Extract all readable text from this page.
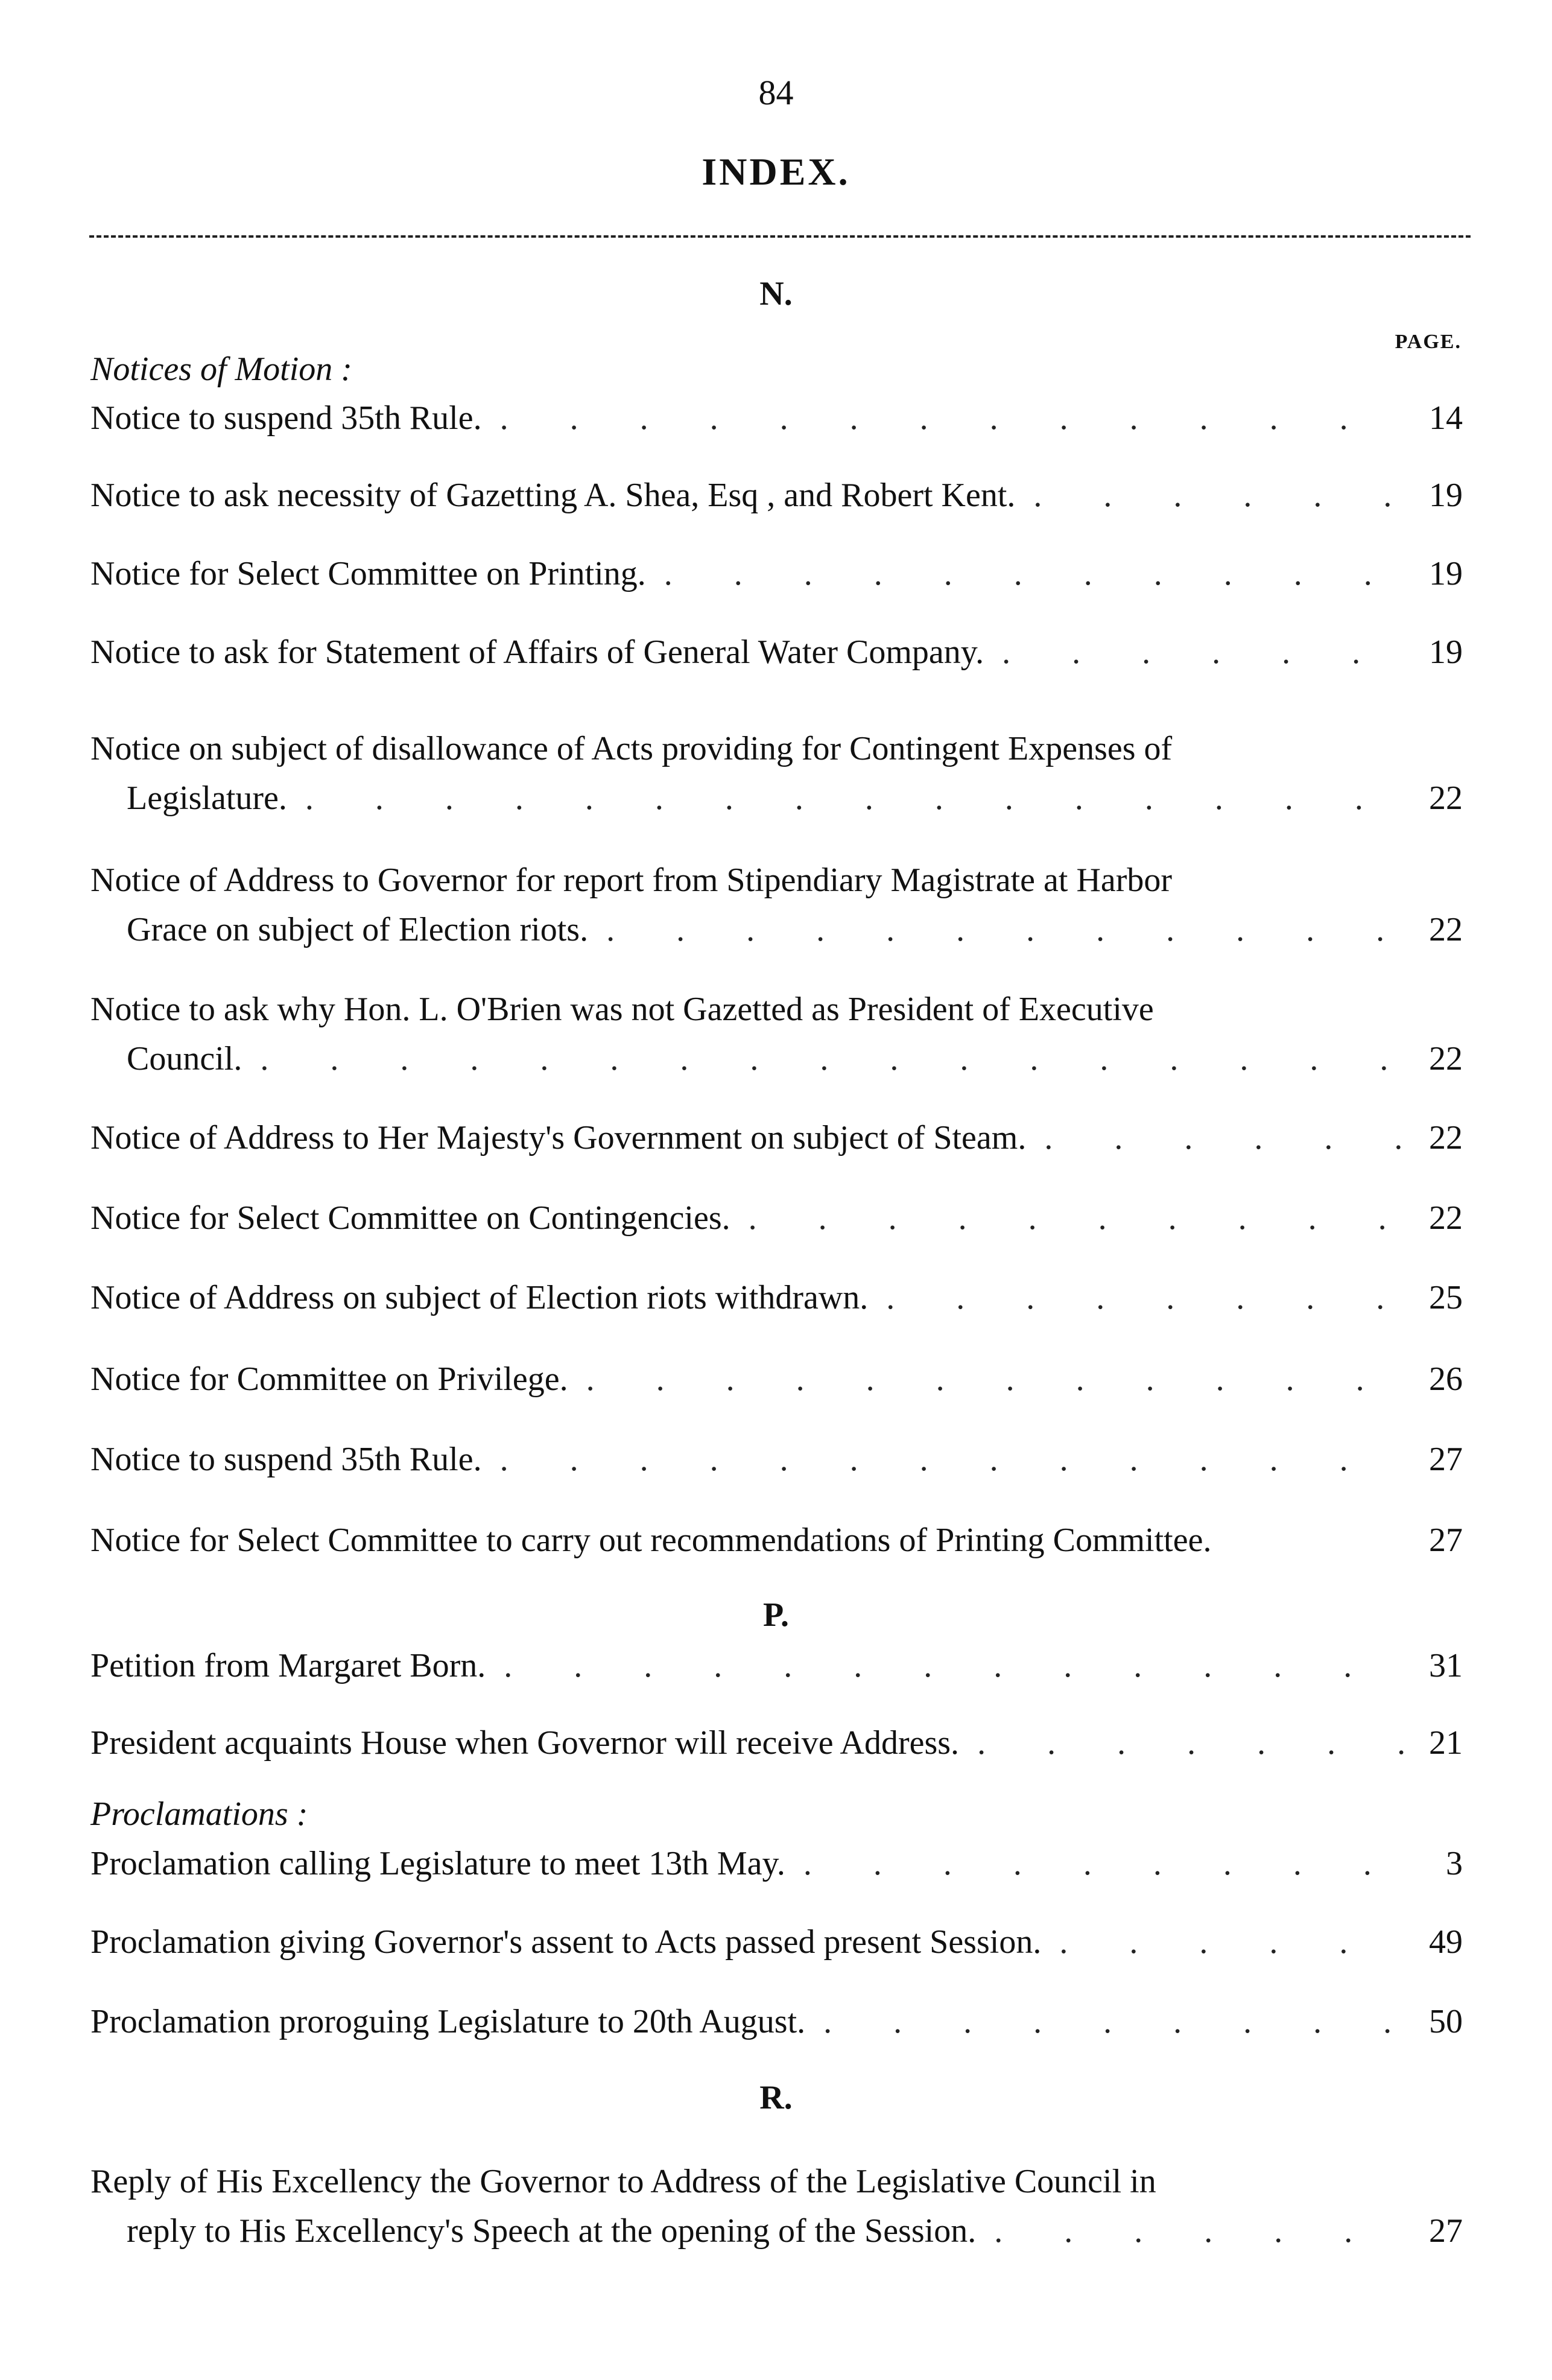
84
INDEX.
N.
PAGE.
Notices of Motion :
Notice to suspend 35th Rule. . . .	14
Notice to ask necessity of Gazetting A. Shea, Esq , and Robert Kent. . . .	19
Notice for Select Committee on Printing. . . .	19
Notice to ask for Statement of Affairs of General Water Company. . . .	19
Notice on subject of disallowance of Acts providing for Contingent Expenses of
Legislature. . . .	22
Notice of Address to Governor for report from Stipendiary Magistrate at Harbor
Grace on subject of Election riots. . . .	22
Notice to ask why Hon. L. O'Brien was not Gazetted as President of Executive
Council. . . .	22
Notice of Address to Her Majesty's Government on subject of Steam. . . .	22
Notice for Select Committee on Contingencies. . . .	22
Notice of Address on subject of Election riots withdrawn. . . .	25
Notice for Committee on Privilege. . . .	26
Notice to suspend 35th Rule. . . .	27
Notice for Select Committee to carry out recommendations of Printing Committee.	27
P.
Petition from Margaret Born. . . .	31
President acquaints House when Governor will receive Address. . . .	21
Proclamations :
Proclamation calling Legislature to meet 13th May. . . .	3
Proclamation giving Governor's assent to Acts passed present Session. . . .	49
Proclamation proroguing Legislature to 20th August. . . .	50
R.
Reply of His Excellency the Governor to Address of the Legislative Council in
reply to His Excellency's Speech at the opening of the Session. . . .	27
